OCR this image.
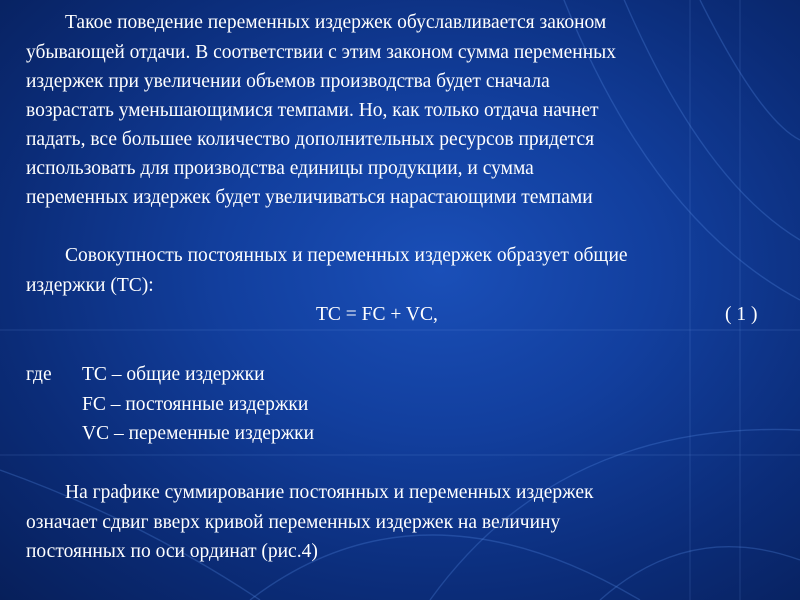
Такое поведение переменных издержек обуславливается законом
убывающей отдачи. В соответствии с этим законом сумма переменных
издержек при увеличении объемов производства будет сначала
возрастать уменьшающимися темпами. Но, как только отдача начнет
падать, все большее количество дополнительных ресурсов придется
использовать для производства единицы продукции, и сумма
переменных издержек будет увеличиваться нарастающими темпами
Совокупность постоянных и переменных издержек образует общие
издержки (ТС):
ТС = FC + VC,	( 1 )
где ТС – общие издержки
FC – постоянные издержки
VC – переменные издержки
На графике суммирование постоянных и переменных издержек
означает сдвиг вверх кривой переменных издержек на величину
постоянных по оси ординат (рис.4)
